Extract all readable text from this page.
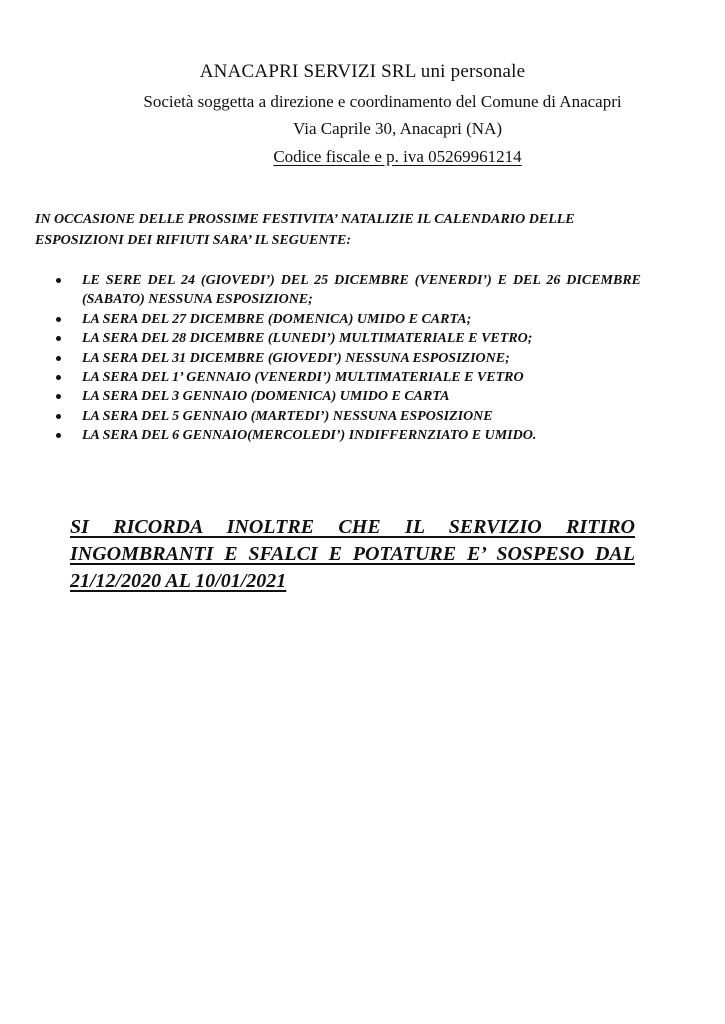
ANACAPRI SERVIZI SRL uni personale
Società soggetta a direzione e coordinamento del Comune di Anacapri
Via Caprile 30, Anacapri (NA)
Codice fiscale e p. iva 05269961214
IN OCCASIONE DELLE PROSSIME FESTIVITA’ NATALIZIE IL CALENDARIO DELLE ESPOSIZIONI DEI RIFIUTI SARA’ IL SEGUENTE:
LE SERE DEL 24 (GIOVEDI’) DEL 25 DICEMBRE (VENERDI’) E DEL 26 DICEMBRE (SABATO) NESSUNA ESPOSIZIONE;
LA SERA DEL 27 DICEMBRE (DOMENICA) UMIDO E CARTA;
LA SERA DEL 28 DICEMBRE (LUNEDI’) MULTIMATERIALE E VETRO;
LA SERA DEL 31 DICEMBRE (GIOVEDI’) NESSUNA ESPOSIZIONE;
LA SERA DEL 1’ GENNAIO (VENERDI’) MULTIMATERIALE E VETRO
LA SERA DEL 3 GENNAIO (DOMENICA) UMIDO E CARTA
LA SERA DEL 5 GENNAIO (MARTEDI’) NESSUNA ESPOSIZIONE
LA SERA DEL 6 GENNAIO(MERCOLEDI’) INDIFFERNZIATO E UMIDO.
SI RICORDA INOLTRE CHE IL SERVIZIO RITIRO INGOMBRANTI E SFALCI E POTATURE E’ SOSPESO DAL 21/12/2020 AL 10/01/2021
